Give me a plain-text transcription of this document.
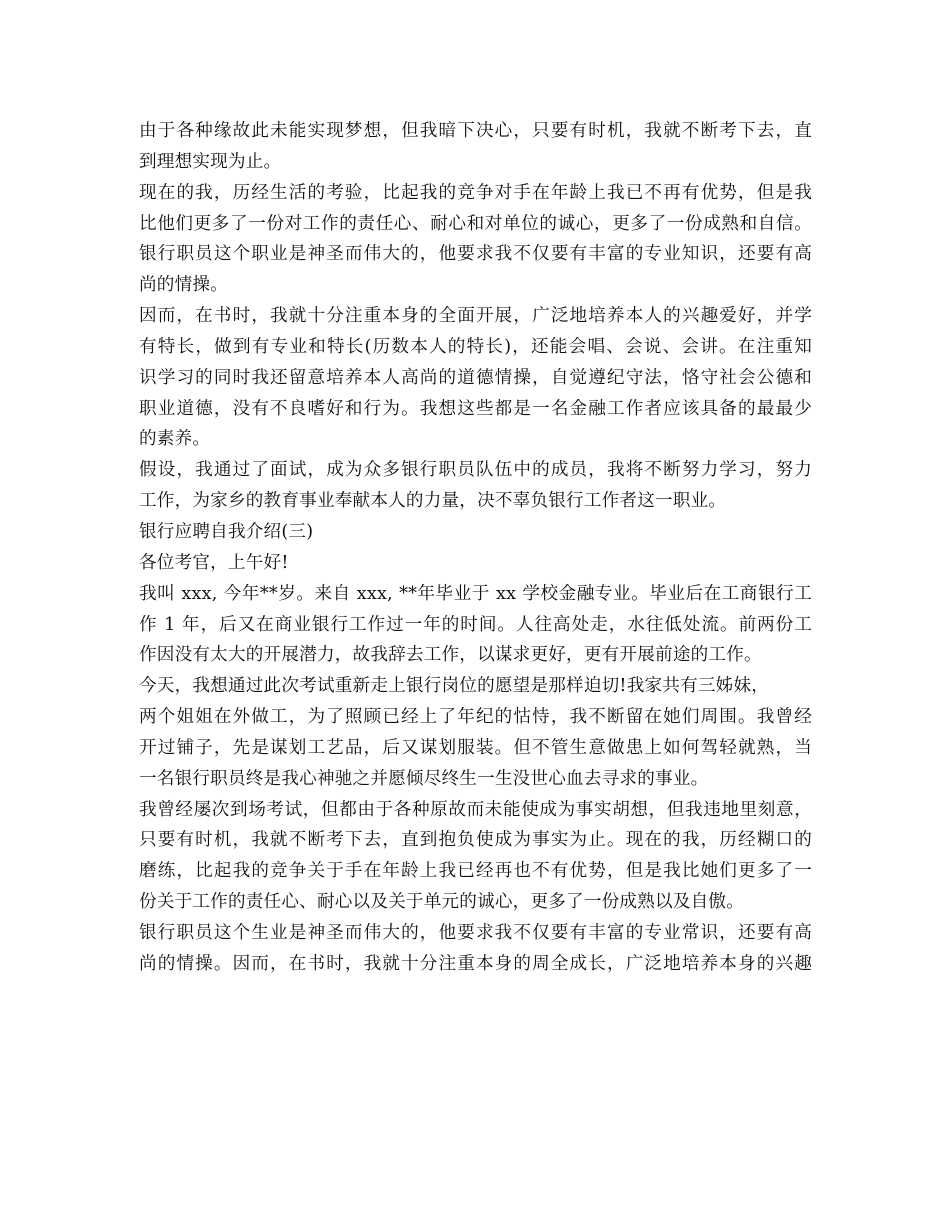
由于各种缘故此未能实现梦想，但我暗下决心，只要有时机，我就不断考下去，直
到理想实现为止。
现在的我，历经生活的考验，比起我的竞争对手在年龄上我已不再有优势，但是我
比他们更多了一份对工作的责任心、耐心和对单位的诚心，更多了一份成熟和自信。
银行职员这个职业是神圣而伟大的，他要求我不仅要有丰富的专业知识，还要有高
尚的情操。
因而，在书时，我就十分注重本身的全面开展，广泛地培养本人的兴趣爱好，并学
有特长，做到有专业和特长(历数本人的特长)，还能会唱、会说、会讲。在注重知
识学习的同时我还留意培养本人高尚的道德情操，自觉遵纪守法，恪守社会公德和
职业道德，没有不良嗜好和行为。我想这些都是一名金融工作者应该具备的最最少
的素养。
假设，我通过了面试，成为众多银行职员队伍中的成员，我将不断努力学习，努力
工作，为家乡的教育事业奉献本人的力量，决不辜负银行工作者这一职业。
银行应聘自我介绍(三)
各位考官，上午好!
我叫 xxx, 今年**岁。来自 xxx, **年毕业于 xx 学校金融专业。毕业后在工商银行工
作 1 年，后又在商业银行工作过一年的时间。人往高处走，水往低处流。前两份工
作因没有太大的开展潜力，故我辞去工作，以谋求更好，更有开展前途的工作。
今天，我想通过此次考试重新走上银行岗位的愿望是那样迫切!我家共有三姊妹，
两个姐姐在外做工，为了照顾已经上了年纪的怙恃，我不断留在她们周围。我曾经
开过铺子，先是谋划工艺品，后又谋划服装。但不管生意做患上如何驾轻就熟，当
一名银行职员终是我心神驰之并愿倾尽终生一生没世心血去寻求的事业。
我曾经屡次到场考试，但都由于各种原故而未能使成为事实胡想，但我违地里刻意，
只要有时机，我就不断考下去，直到抱负使成为事实为止。现在的我，历经糊口的
磨练，比起我的竞争关于手在年龄上我已经再也不有优势，但是我比她们更多了一
份关于工作的责任心、耐心以及关于单元的诚心，更多了一份成熟以及自傲。
银行职员这个生业是神圣而伟大的，他要求我不仅要有丰富的专业常识，还要有高
尚的情操。因而，在书时，我就十分注重本身的周全成长，广泛地培养本身的兴趣
